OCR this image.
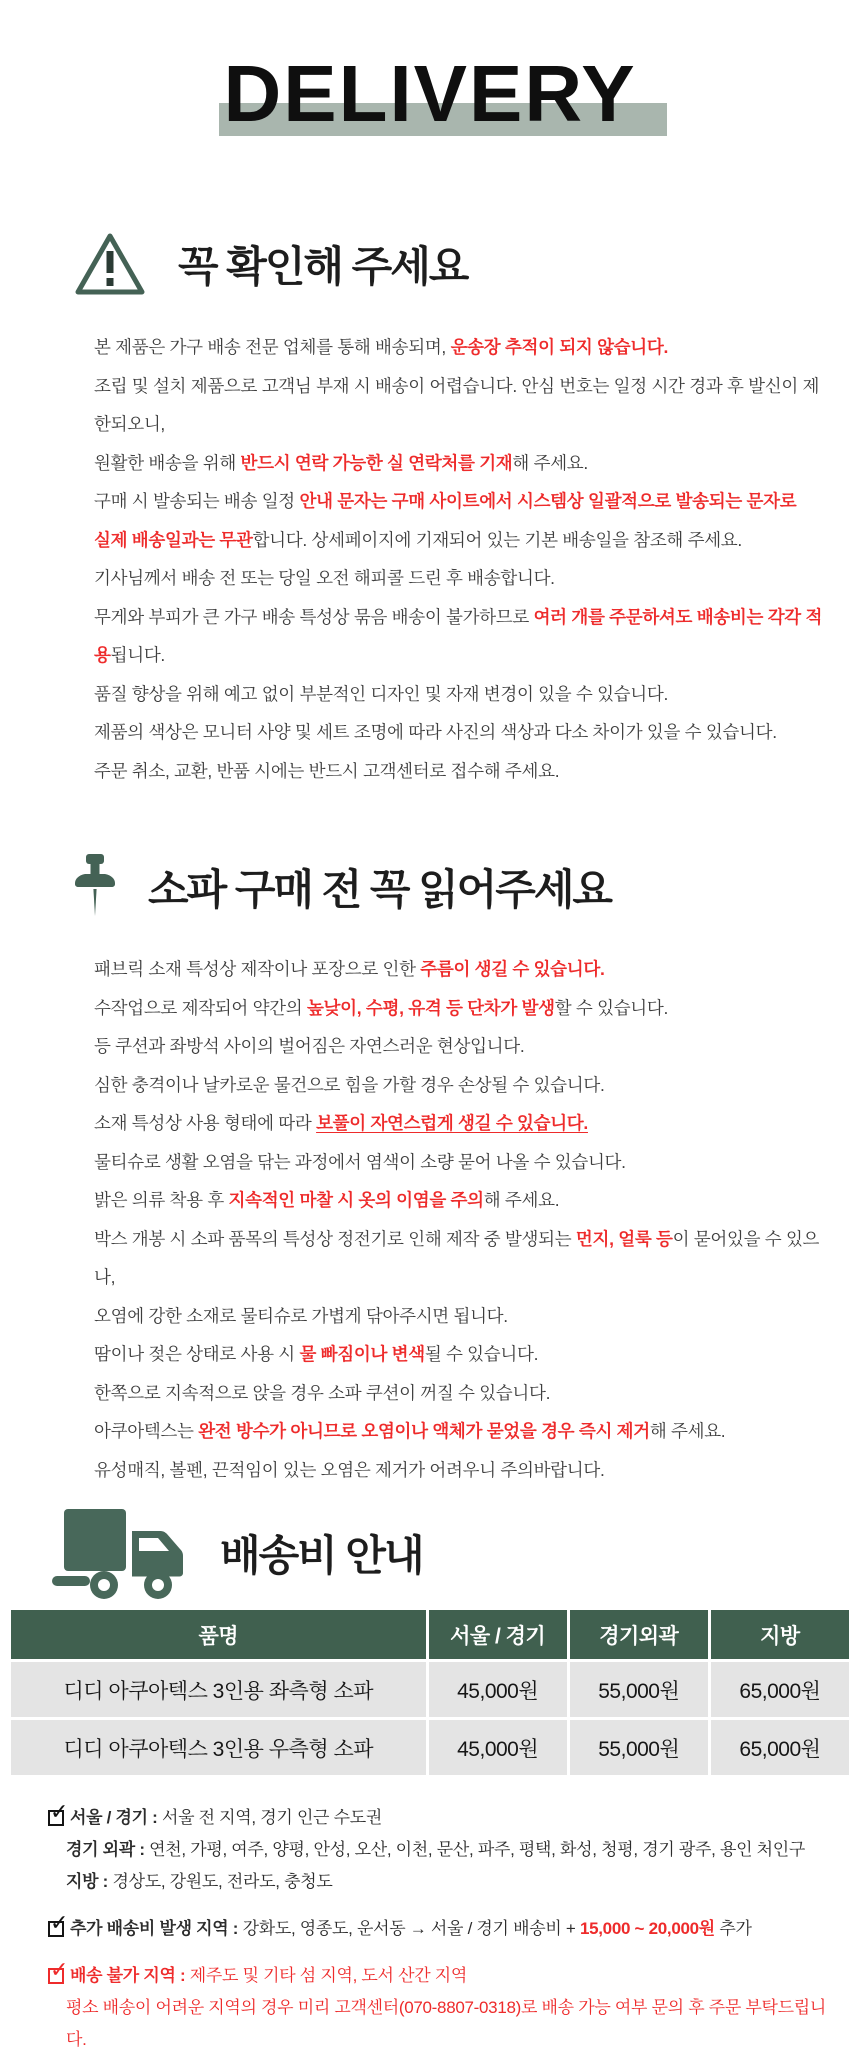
DELIVERY
꼭 확인해 주세요
본 제품은 가구 배송 전문 업체를 통해 배송되며, 운송장 추적이 되지 않습니다.
조립 및 설치 제품으로 고객님 부재 시 배송이 어렵습니다. 안심 번호는 일정 시간 경과 후 발신이 제한되오니,
원활한 배송을 위해 반드시 연락 가능한 실 연락처를 기재해 주세요.
구매 시 발송되는 배송 일정 안내 문자는 구매 사이트에서 시스템상 일괄적으로 발송되는 문자로
실제 배송일과는 무관합니다. 상세페이지에 기재되어 있는 기본 배송일을 참조해 주세요.
기사님께서 배송 전 또는 당일 오전 해피콜 드린 후 배송합니다.
무게와 부피가 큰 가구 배송 특성상 묶음 배송이 불가하므로 여러 개를 주문하셔도 배송비는 각각 적용됩니다.
품질 향상을 위해 예고 없이 부분적인 디자인 및 자재 변경이 있을 수 있습니다.
제품의 색상은 모니터 사양 및 세트 조명에 따라 사진의 색상과 다소 차이가 있을 수 있습니다.
주문 취소, 교환, 반품 시에는 반드시 고객센터로 접수해 주세요.
소파 구매 전 꼭 읽어주세요
패브릭 소재 특성상 제작이나 포장으로 인한 주름이 생길 수 있습니다.
수작업으로 제작되어 약간의 높낮이, 수평, 유격 등 단차가 발생할 수 있습니다.
등 쿠션과 좌방석 사이의 벌어짐은 자연스러운 현상입니다.
심한 충격이나 날카로운 물건으로 힘을 가할 경우 손상될 수 있습니다.
소재 특성상 사용 형태에 따라 보풀이 자연스럽게 생길 수 있습니다.
물티슈로 생활 오염을 닦는 과정에서 염색이 소량 묻어 나올 수 있습니다.
밝은 의류 착용 후 지속적인 마찰 시 옷의 이염을 주의해 주세요.
박스 개봉 시 소파 품목의 특성상 정전기로 인해 제작 중 발생되는 먼지, 얼룩 등이 묻어있을 수 있으나,
오염에 강한 소재로 물티슈로 가볍게 닦아주시면 됩니다.
땀이나 젖은 상태로 사용 시 물 빠짐이나 변색될 수 있습니다.
한쪽으로 지속적으로 앉을 경우 소파 쿠션이 꺼질 수 있습니다.
아쿠아텍스는 완전 방수가 아니므로 오염이나 액체가 묻었을 경우 즉시 제거해 주세요.
유성매직, 볼펜, 끈적임이 있는 오염은 제거가 어려우니 주의바랍니다.
배송비 안내
품명	서울 / 경기	경기외곽	지방
디디 아쿠아텍스 3인용 좌측형 소파	45,000원	55,000원	65,000원
디디 아쿠아텍스 3인용 우측형 소파	45,000원	55,000원	65,000원
✓
서울 / 경기 : 서울 전 지역, 경기 인근 수도권
경기 외곽 : 연천, 가평, 여주, 양평, 안성, 오산, 이천, 문산, 파주, 평택, 화성, 청평, 경기 광주, 용인 처인구
지방 : 경상도, 강원도, 전라도, 충청도
✓
추가 배송비 발생 지역 : 강화도, 영종도, 운서동 → 서울 / 경기 배송비 + 15,000 ~ 20,000원 추가
✓
배송 불가 지역 : 제주도 및 기타 섬 지역, 도서 산간 지역
평소 배송이 어려운 지역의 경우 미리 고객센터(070-8807-0318)로 배송 가능 여부 문의 후 주문 부탁드립니다.
